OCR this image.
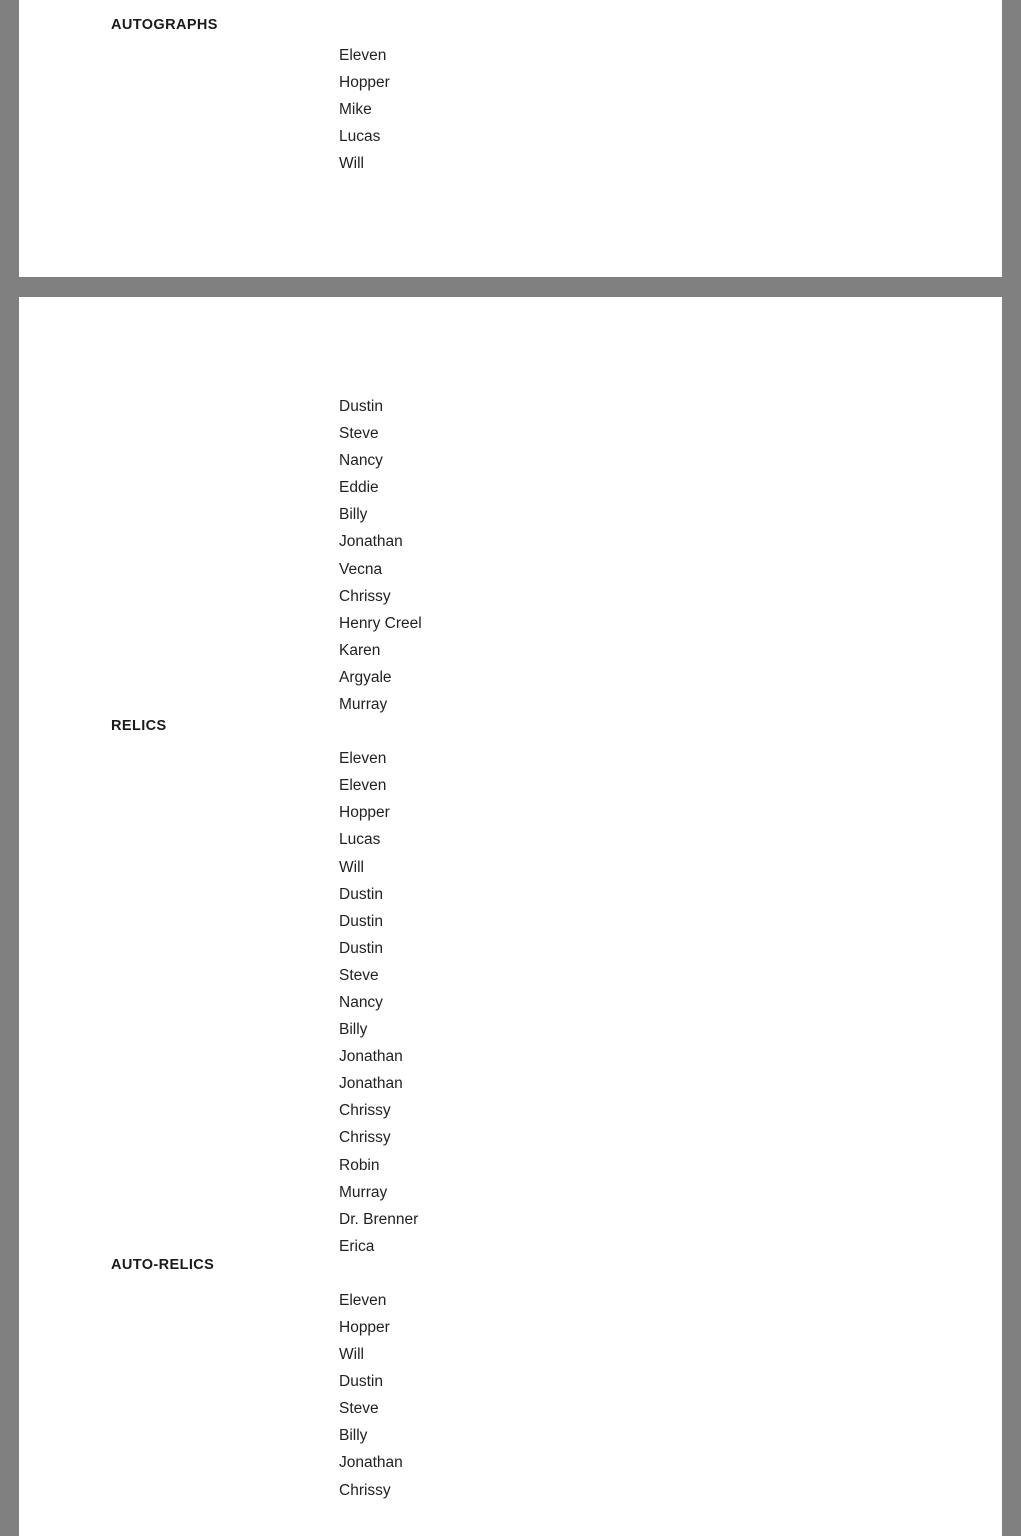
AUTOGRAPHS
Eleven
Hopper
Mike
Lucas
Will
Dustin
Steve
Nancy
Eddie
Billy
Jonathan
Vecna
Chrissy
Henry Creel
Karen
Argyale
Murray
RELICS
Eleven
Eleven
Hopper
Lucas
Will
Dustin
Dustin
Dustin
Steve
Nancy
Billy
Jonathan
Jonathan
Chrissy
Chrissy
Robin
Murray
Dr. Brenner
Erica
AUTO-RELICS
Eleven
Hopper
Will
Dustin
Steve
Billy
Jonathan
Chrissy
